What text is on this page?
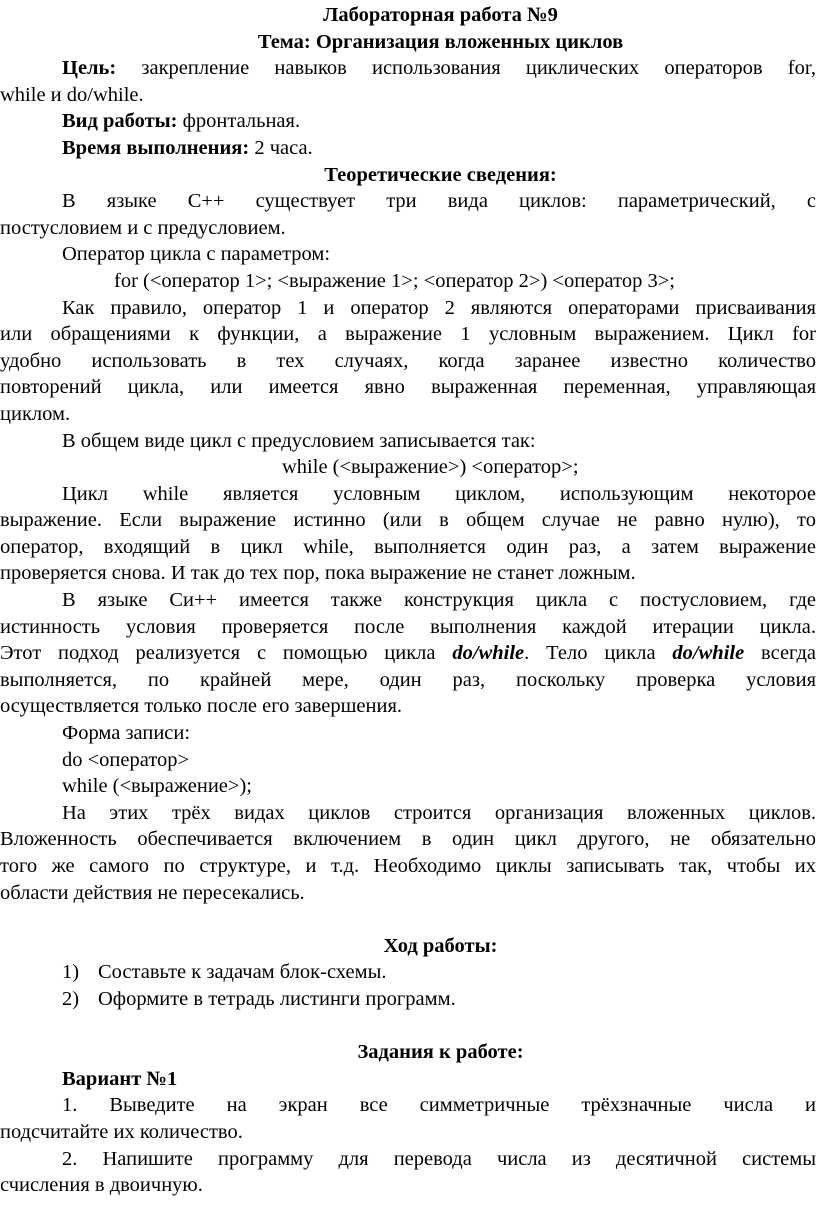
Лабораторная работа №9
Тема: Организация вложенных циклов
Цель: закрепление навыков использования циклических операторов for,
while и do/while.
Вид работы: фронтальная.
Время выполнения: 2 часа.
Теоретические сведения:
В языке C++ существует три вида циклов: параметрический, с
постусловием и с предусловием.
Оператор цикла с параметром:
for (<оператор 1>; <выражение 1>; <оператор 2>) <оператор 3>;
Как правило, оператор 1 и оператор 2 являются операторами присваивания
или обращениями к функции, а выражение 1 условным выражением. Цикл for
удобно использовать в тех случаях, когда заранее известно количество
повторений цикла, или имеется явно выраженная переменная, управляющая
циклом.
В общем виде цикл с предусловием записывается так:
while (<выражение>) <оператор>;
Цикл while является условным циклом, использующим некоторое
выражение. Если выражение истинно (или в общем случае не равно нулю), то
оператор, входящий в цикл while, выполняется один раз, а затем выражение
проверяется снова. И так до тех пор, пока выражение не станет ложным.
В языке Си++ имеется также конструкция цикла с постусловием, где
истинность условия проверяется после выполнения каждой итерации цикла.
Этот подход реализуется с помощью цикла do/while. Тело цикла do/while всегда
выполняется, по крайней мере, один раз, поскольку проверка условия
осуществляется только после его завершения.
Форма записи:
do <оператор>
while (<выражение>);
На этих трёх видах циклов строится организация вложенных циклов.
Вложенность обеспечивается включением в один цикл другого, не обязательно
того же самого по структуре, и т.д. Необходимо циклы записывать так, чтобы их
области действия не пересекались.
Ход работы:
1) Составьте к задачам блок-схемы.
2) Оформите в тетрадь листинги программ.
Задания к работе:
Вариант №1
1. Выведите на экран все симметричные трёхзначные числа и
подсчитайте их количество.
2. Напишите программу для перевода числа из десятичной системы
счисления в двоичную.
